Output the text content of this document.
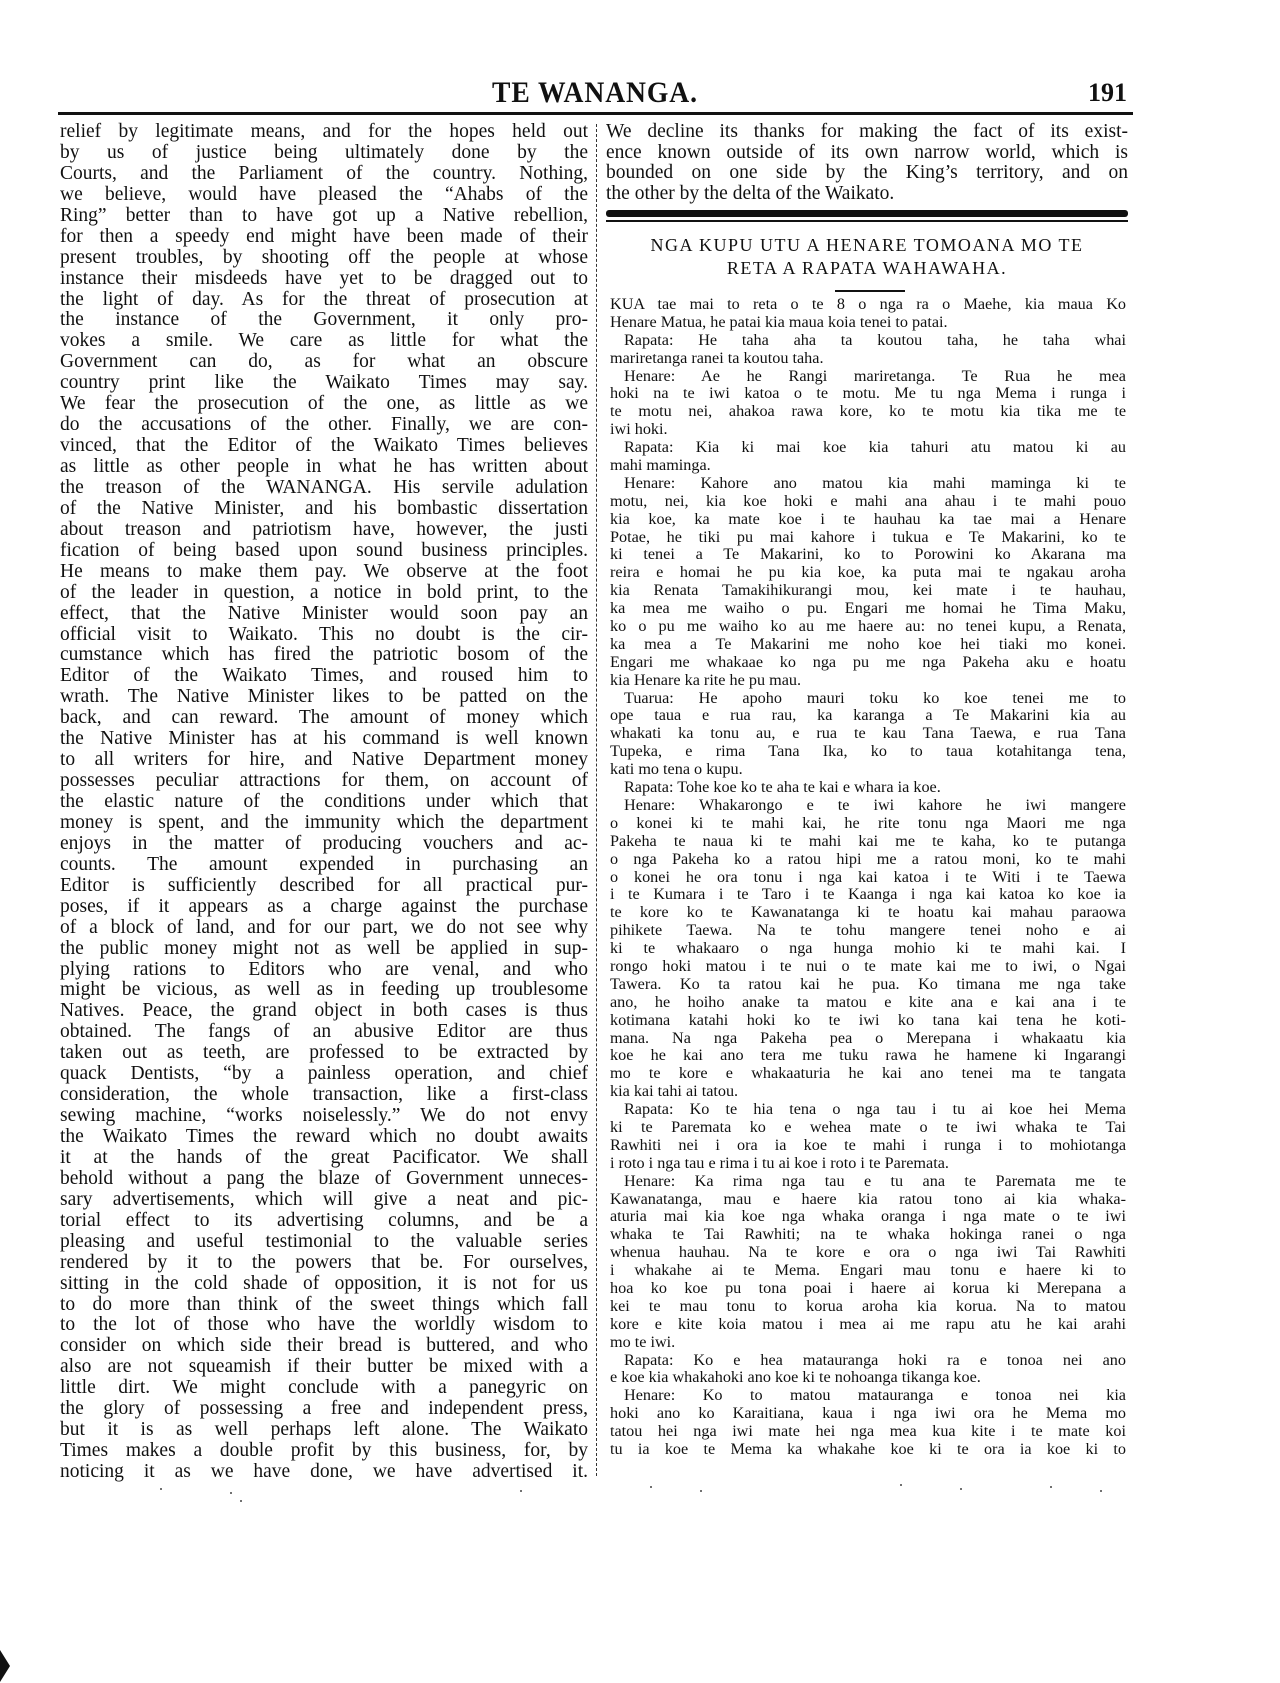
TE WANANGA.	191
relief by legitimate means, and for the hopes held out
by us of justice being ultimately done by the
Courts, and the Parliament of the country. Nothing,
we believe, would have pleased the “Ahabs of the
Ring” better than to have got up a Native rebellion,
for then a speedy end might have been made of their
present troubles, by shooting off the people at whose
instance their misdeeds have yet to be dragged out to
the light of day. As for the threat of prosecution at
the instance of the Government, it only pro-
vokes a smile. We care as little for what the
Government can do, as for what an obscure
country print like the Waikato Times may say.
We fear the prosecution of the one, as little as we
do the accusations of the other. Finally, we are con-
vinced, that the Editor of the Waikato Times believes
as little as other people in what he has written about
the treason of the WANANGA. His servile adulation
of the Native Minister, and his bombastic dissertation
about treason and patriotism have, however, the justi
fication of being based upon sound business principles.
He means to make them pay. We observe at the foot
of the leader in question, a notice in bold print, to the
effect, that the Native Minister would soon pay an
official visit to Waikato. This no doubt is the cir-
cumstance which has fired the patriotic bosom of the
Editor of the Waikato Times, and roused him to
wrath. The Native Minister likes to be patted on the
back, and can reward. The amount of money which
the Native Minister has at his command is well known
to all writers for hire, and Native Department money
possesses peculiar attractions for them, on account of
the elastic nature of the conditions under which that
money is spent, and the immunity which the department
enjoys in the matter of producing vouchers and ac-
counts. The amount expended in purchasing an
Editor is sufficiently described for all practical pur-
poses, if it appears as a charge against the purchase
of a block of land, and for our part, we do not see why
the public money might not as well be applied in sup-
plying rations to Editors who are venal, and who
might be vicious, as well as in feeding up troublesome
Natives. Peace, the grand object in both cases is thus
obtained. The fangs of an abusive Editor are thus
taken out as teeth, are professed to be extracted by
quack Dentists, “by a painless operation, and chief
consideration, the whole transaction, like a first-class
sewing machine, “works noiselessly.” We do not envy
the Waikato Times the reward which no doubt awaits
it at the hands of the great Pacificator. We shall
behold without a pang the blaze of Government unneces-
sary advertisements, which will give a neat and pic-
torial effect to its advertising columns, and be a
pleasing and useful testimonial to the valuable series
rendered by it to the powers that be. For ourselves,
sitting in the cold shade of opposition, it is not for us
to do more than think of the sweet things which fall
to the lot of those who have the worldly wisdom to
consider on which side their bread is buttered, and who
also are not squeamish if their butter be mixed with a
little dirt. We might conclude with a panegyric on
the glory of possessing a free and independent press,
but it is as well perhaps left alone. The Waikato
Times makes a double profit by this business, for, by
noticing it as we have done, we have advertised it.
We decline its thanks for making the fact of its exist-
ence known outside of its own narrow world, which is
bounded on one side by the King’s territory, and on
the other by the delta of the Waikato.
NGA KUPU UTU A HENARE TOMOANA MO TE
RETA A RAPATA WAHAWAHA.
KUA tae mai to reta o te 8 o nga ra o Maehe, kia maua Ko
Henare Matua, he patai kia maua koia tenei to patai.
Rapata: He taha aha ta koutou taha, he taha whai
mariretanga ranei ta koutou taha.
Henare: Ae he Rangi mariretanga. Te Rua he mea
hoki na te iwi katoa o te motu. Me tu nga Mema i runga i
te motu nei, ahakoa rawa kore, ko te motu kia tika me te
iwi hoki.
Rapata: Kia ki mai koe kia tahuri atu matou ki au
mahi maminga.
Henare: Kahore ano matou kia mahi maminga ki te
motu, nei, kia koe hoki e mahi ana ahau i te mahi pouo
kia koe, ka mate koe i te hauhau ka tae mai a Henare
Potae, he tiki pu mai kahore i tukua e Te Makarini, ko te
ki tenei a Te Makarini, ko to Porowini ko Akarana ma
reira e homai he pu kia koe, ka puta mai te ngakau aroha
kia Renata Tamakihikurangi mou, kei mate i te hauhau,
ka mea me waiho o pu. Engari me homai he Tima Maku,
ko o pu me waiho ko au me haere au: no tenei kupu, a Renata,
ka mea a Te Makarini me noho koe hei tiaki mo konei.
Engari me whakaae ko nga pu me nga Pakeha aku e hoatu
kia Henare ka rite he pu mau.
Tuarua: He apoho mauri toku ko koe tenei me to
ope taua e rua rau, ka karanga a Te Makarini kia au
whakati ka tonu au, e rua te kau Tana Taewa, e rua Tana
Tupeka, e rima Tana Ika, ko to taua kotahitanga tena,
kati mo tena o kupu.
Rapata: Tohe koe ko te aha te kai e whara ia koe.
Henare: Whakarongo e te iwi kahore he iwi mangere
o konei ki te mahi kai, he rite tonu nga Maori me nga
Pakeha te naua ki te mahi kai me te kaha, ko te putanga
o nga Pakeha ko a ratou hipi me a ratou moni, ko te mahi
o konei he ora tonu i nga kai katoa i te Witi i te Taewa
i te Kumara i te Taro i te Kaanga i nga kai katoa ko koe ia
te kore ko te Kawanatanga ki te hoatu kai mahau paraowa
pihikete Taewa. Na te tohu mangere tenei noho e ai
ki te whakaaro o nga hunga mohio ki te mahi kai. I
rongo hoki matou i te nui o te mate kai me to iwi, o Ngai
Tawera. Ko ta ratou kai he pua. Ko timana me nga take
ano, he hoiho anake ta matou e kite ana e kai ana i te
kotimana katahi hoki ko te iwi ko tana kai tena he koti-
mana. Na nga Pakeha pea o Merepana i whakaatu kia
koe he kai ano tera me tuku rawa he hamene ki Ingarangi
mo te kore e whakaaturia he kai ano tenei ma te tangata
kia kai tahi ai tatou.
Rapata: Ko te hia tena o nga tau i tu ai koe hei Mema
ki te Paremata ko e wehea mate o te iwi whaka te Tai
Rawhiti nei i ora ia koe te mahi i runga i to mohiotanga
i roto i nga tau e rima i tu ai koe i roto i te Paremata.
Henare: Ka rima nga tau e tu ana te Paremata me te
Kawanatanga, mau e haere kia ratou tono ai kia whaka-
aturia mai kia koe nga whaka oranga i nga mate o te iwi
whaka te Tai Rawhiti; na te whaka hokinga ranei o nga
whenua hauhau. Na te kore e ora o nga iwi Tai Rawhiti
i whakahe ai te Mema. Engari mau tonu e haere ki to
hoa ko koe pu tona poai i haere ai korua ki Merepana a
kei te mau tonu to korua aroha kia korua. Na to matou
kore e kite koia matou i mea ai me rapu atu he kai arahi
mo te iwi.
Rapata: Ko e hea matauranga hoki ra e tonoa nei ano
e koe kia whakahoki ano koe ki te nohoanga tikanga koe.
Henare: Ko to matou matauranga e tonoa nei kia
hoki ano ko Karaitiana, kaua i nga iwi ora he Mema mo
tatou hei nga iwi mate hei nga mea kua kite i te mate koi
tu ia koe te Mema ka whakahe koe ki te ora ia koe ki to
